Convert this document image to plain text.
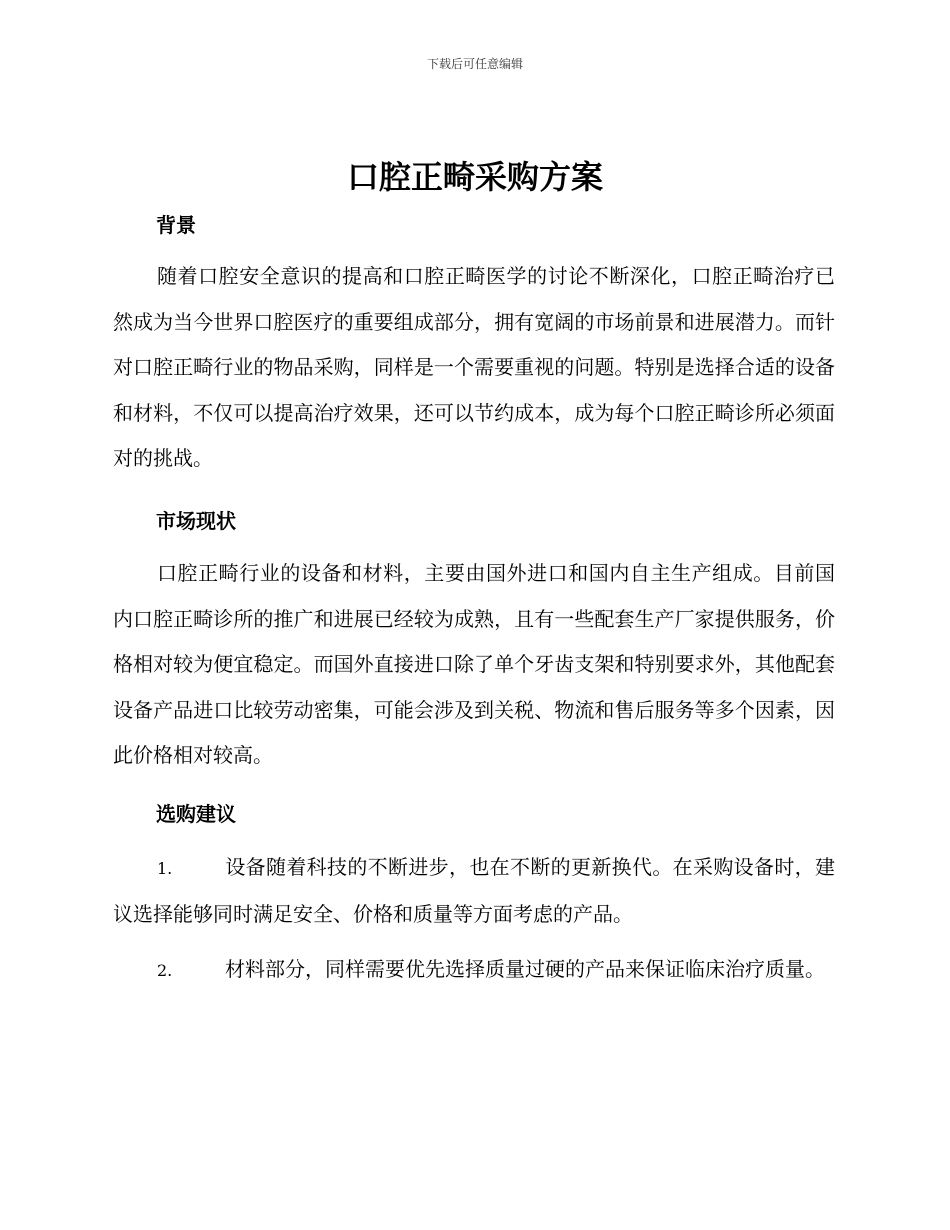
下载后可任意编辑
口腔正畸采购方案
背景

随着口腔安全意识的提高和口腔正畸医学的讨论不断深化，口腔正畸治疗已然成为当今世界口腔医疗的重要组成部分，拥有宽阔的市场前景和进展潜力。而针对口腔正畸行业的物品采购，同样是一个需要重视的问题。特别是选择合适的设备和材料，不仅可以提高治疗效果，还可以节约成本，成为每个口腔正畸诊所必须面对的挑战。

市场现状

口腔正畸行业的设备和材料，主要由国外进口和国内自主生产组成。目前国内口腔正畸诊所的推广和进展已经较为成熟，且有一些配套生产厂家提供服务，价格相对较为便宜稳定。而国外直接进口除了单个牙齿支架和特别要求外，其他配套设备产品进口比较劳动密集，可能会涉及到关税、物流和售后服务等多个因素，因此价格相对较高。

选购建议

1.	设备随着科技的不断进步，也在不断的更新换代。在采购设备时，建议选择能够同时满足安全、价格和质量等方面考虑的产品。

2.	材料部分，同样需要优先选择质量过硬的产品来保证临床治疗质量。
